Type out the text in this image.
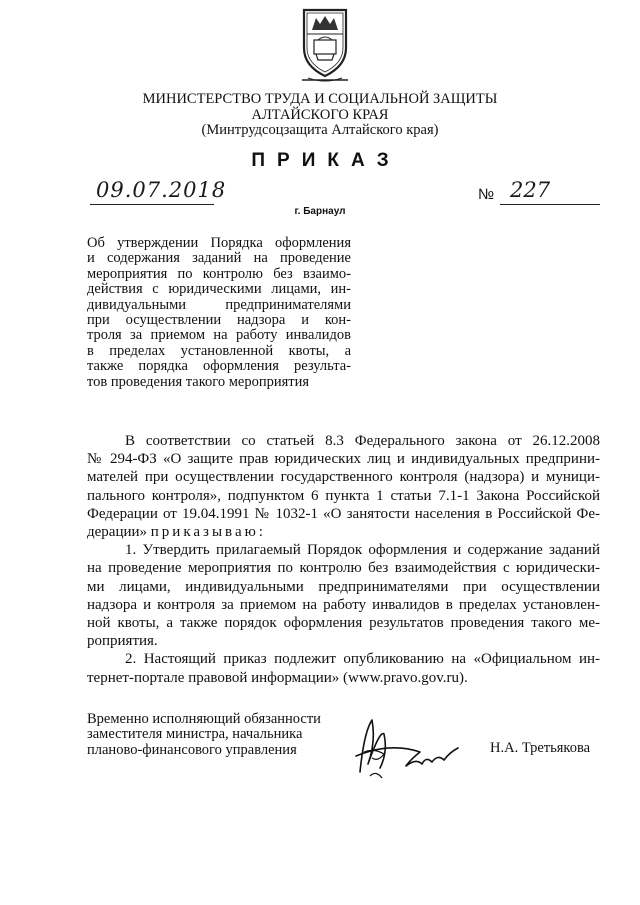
МИНИСТЕРСТВО ТРУДА И СОЦИАЛЬНОЙ ЗАЩИТЫ
АЛТАЙСКОГО КРАЯ
(Минтрудсоцзащита Алтайского края)
ПРИКАЗ
09.07.2018	№ 227
г. Барнаул
Об утверждении Порядка оформления
и содержания заданий на проведение
мероприятия по контролю без взаимо-
действия с юридическими лицами, ин-
дивидуальными предпринимателями
при осуществлении надзора и кон-
троля за приемом на работу инвалидов
в пределах установленной квоты, а
также порядка оформления результа-
тов проведения такого мероприятия
В соответствии со статьей 8.3 Федерального закона от 26.12.2008
№ 294-ФЗ «О защите прав юридических лиц и индивидуальных предприни-
мателей при осуществлении государственного контроля (надзора) и муници-
пального контроля», подпунктом 6 пункта 1 статьи 7.1-1 Закона Российской
Федерации от 19.04.1991 № 1032-1 «О занятости населения в Российской Фе-
дерации» приказываю:
1. Утвердить прилагаемый Порядок оформления и содержание заданий
на проведение мероприятия по контролю без взаимодействия с юридически-
ми лицами, индивидуальными предпринимателями при осуществлении
надзора и контроля за приемом на работу инвалидов в пределах установлен-
ной квоты, а также порядок оформления результатов проведения такого ме-
роприятия.
2. Настоящий приказ подлежит опубликованию на «Официальном ин-
тернет-портале правовой информации» (www.pravo.gov.ru).
Временно исполняющий обязанности
заместителя министра, начальника
планово-финансового управления	Н.А. Третьякова
